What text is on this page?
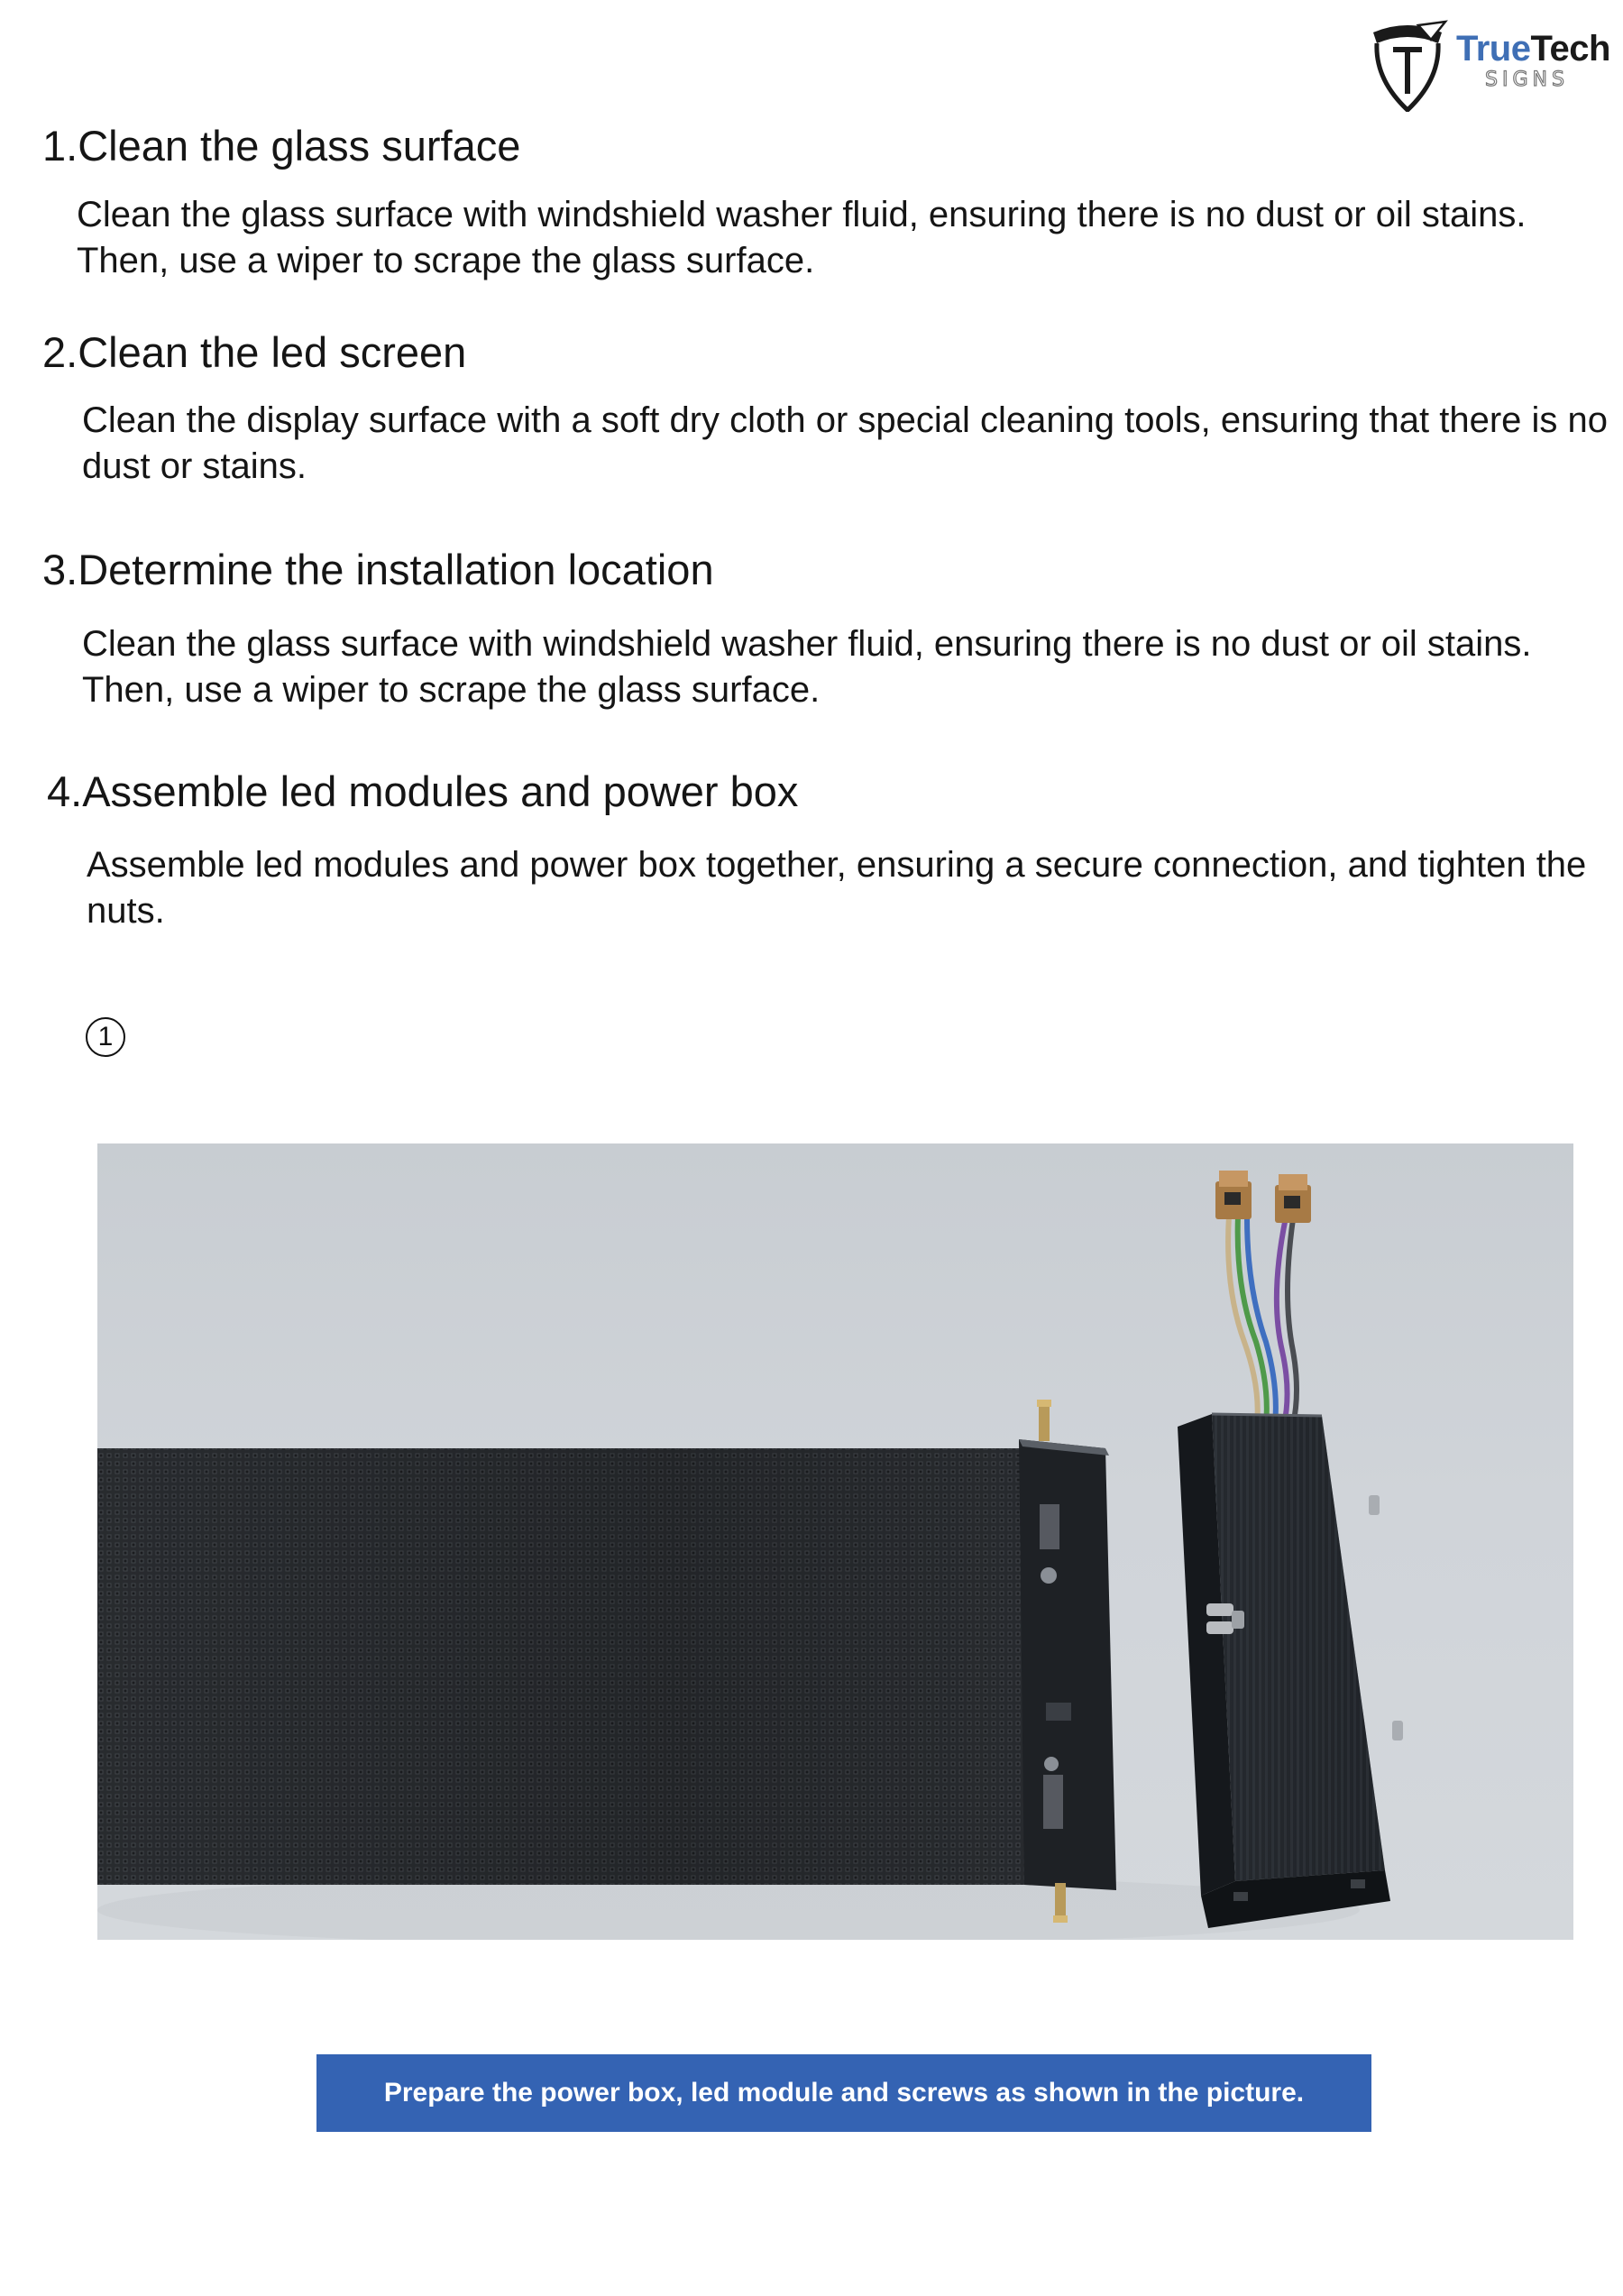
TrueTech
SIGNS
1.Clean the glass surface
Clean the glass surface with windshield washer fluid, ensuring there is no dust or oil stains. Then, use a wiper to scrape the glass surface.
2.Clean the led screen
Clean the display surface with a soft dry cloth or special cleaning tools, ensuring that there is no dust or stains.
3.Determine the installation location
Clean the glass surface with windshield washer fluid, ensuring there is no dust or oil stains. Then, use a wiper to scrape the glass surface.
4.Assemble led modules and power box
Assemble led modules and power box together, ensuring a secure connection, and tighten the nuts.
1
Prepare the power box, led module and screws as shown in the picture.
